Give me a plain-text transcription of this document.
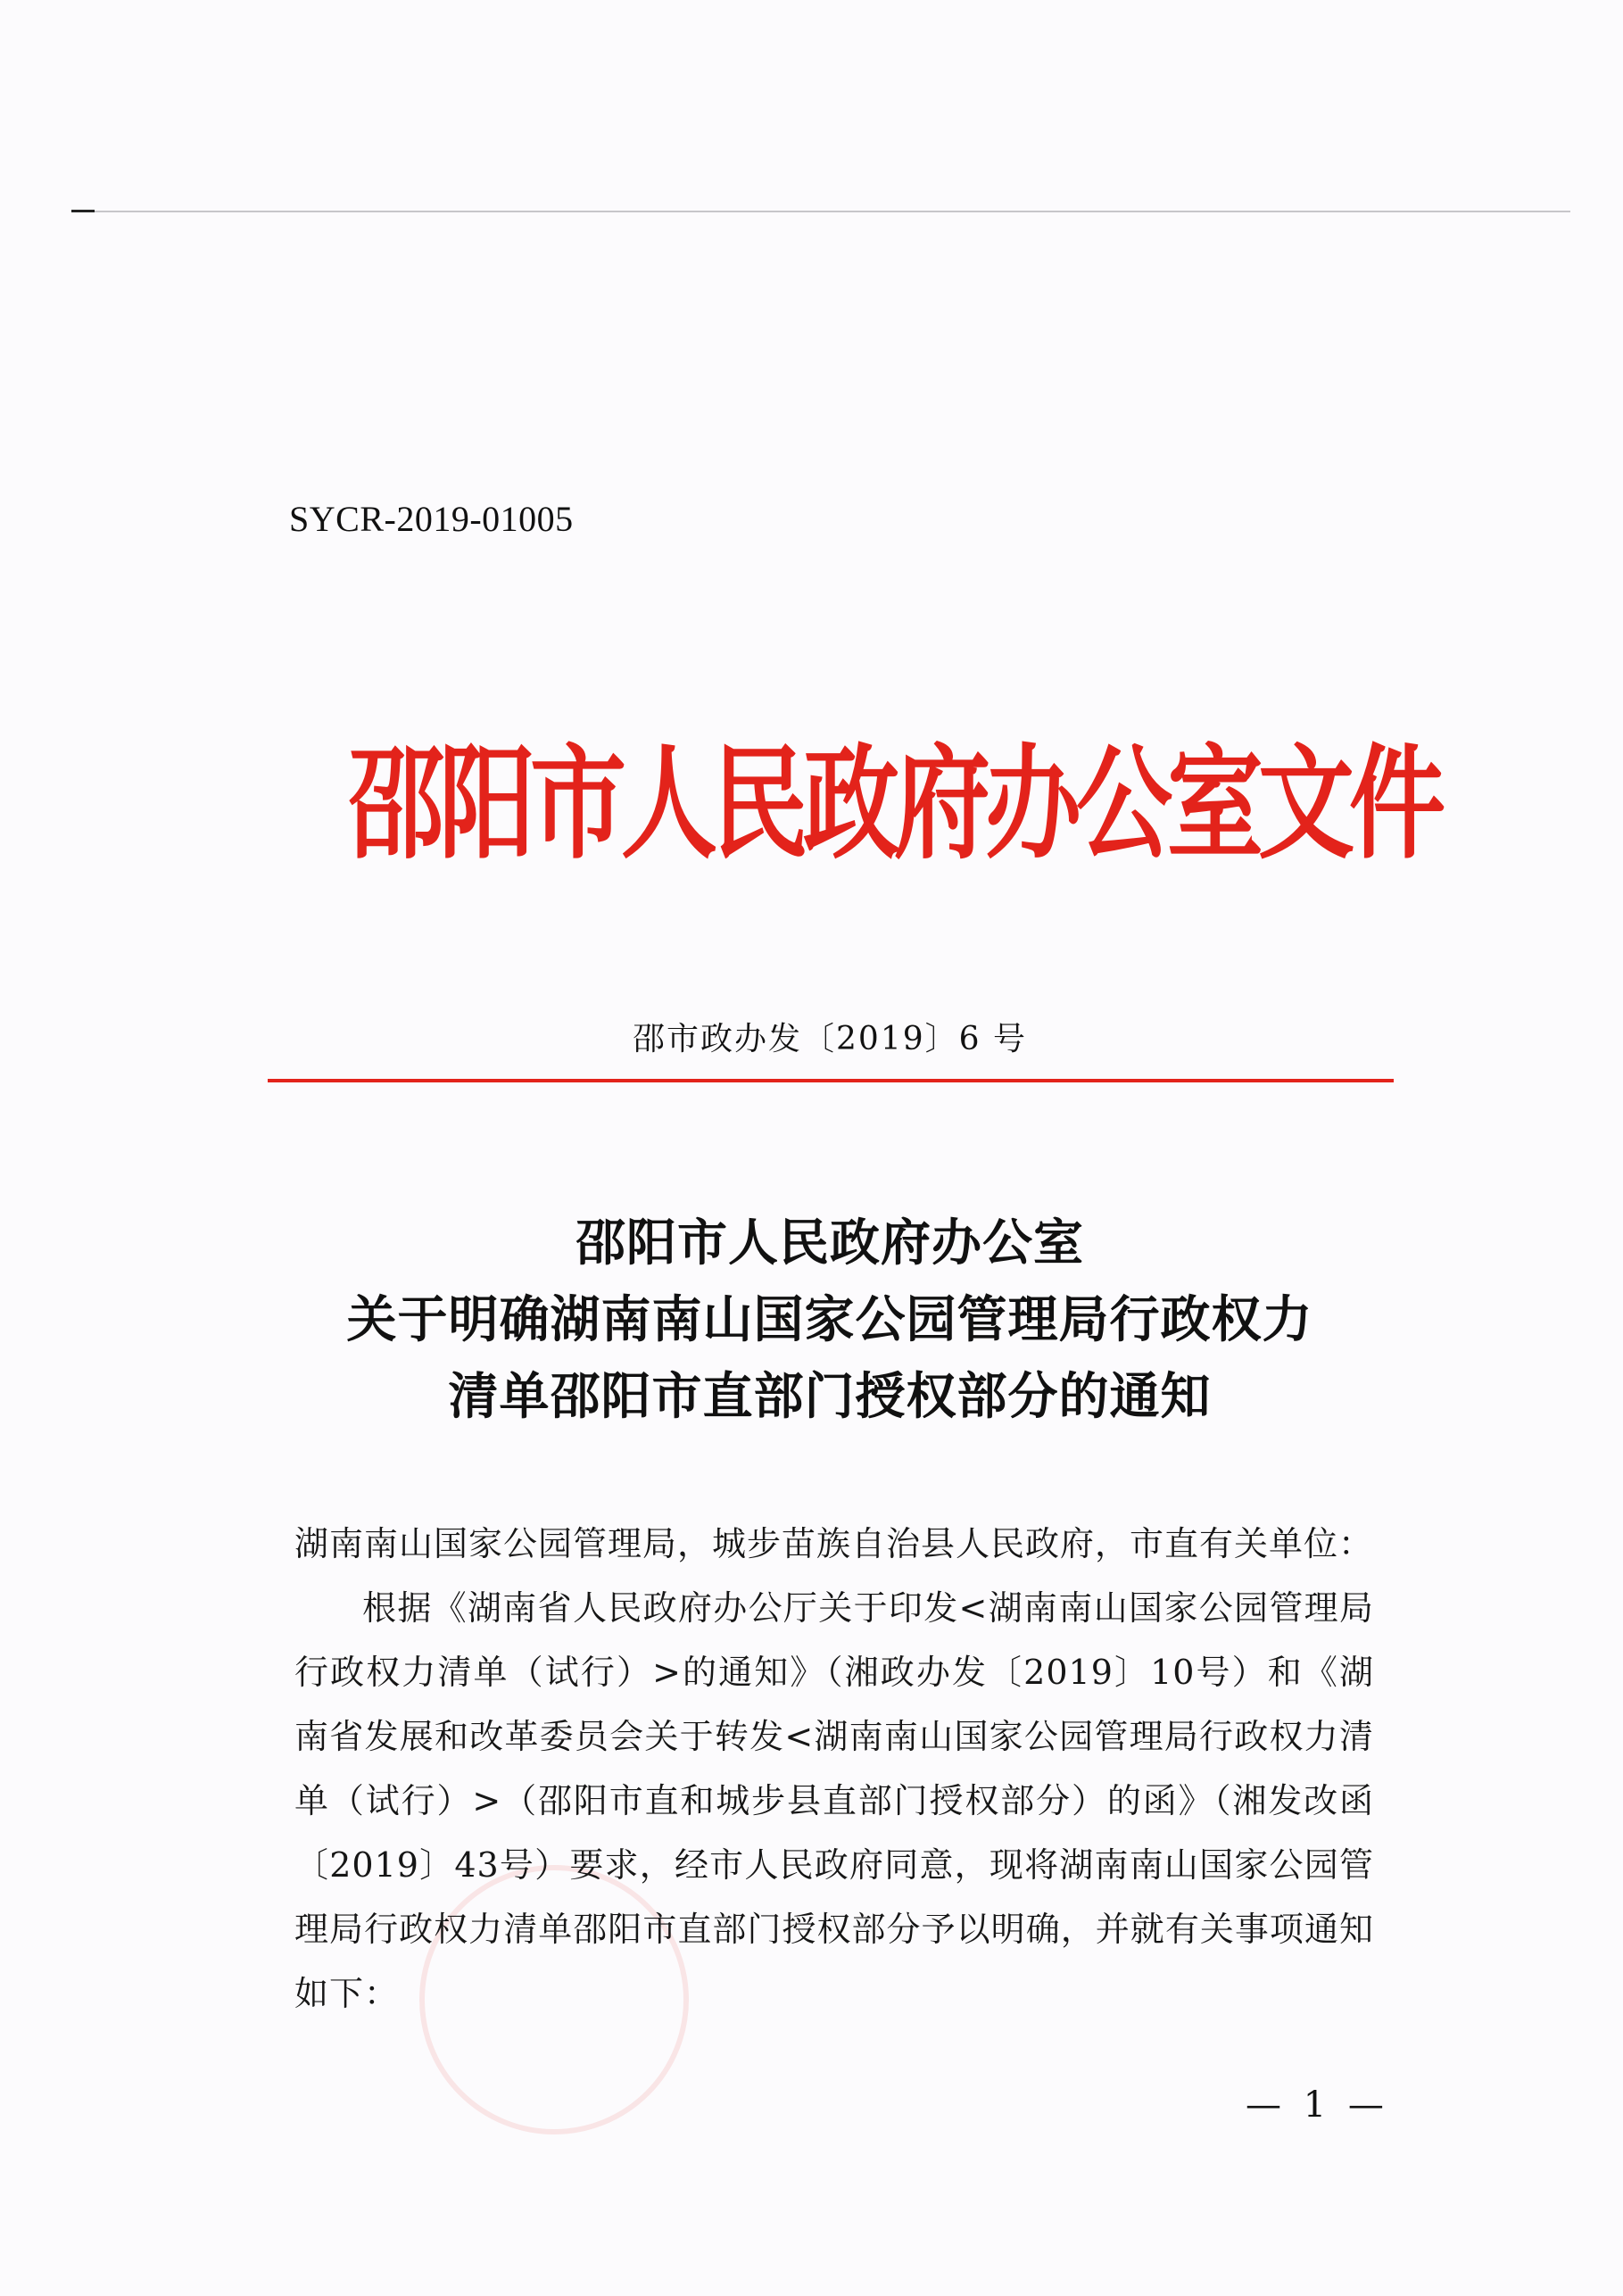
SYCR-2019-01005
邵阳市人民政府办公室文件
邵市政办发〔2019〕6 号
邵阳市人民政府办公室
关于明确湖南南山国家公园管理局行政权力
清单邵阳市直部门授权部分的通知
湖南南山国家公园管理局，城步苗族自治县人民政府，市直有关单位：
根据《湖南省人民政府办公厅关于印发<湖南南山国家公园管理局行政权力清单（试行）>的通知》（湘政办发〔2019〕10号）和《湖南省发展和改革委员会关于转发<湖南南山国家公园管理局行政权力清单（试行）>（邵阳市直和城步县直部门授权部分）的函》（湘发改函〔2019〕43号）要求，经市人民政府同意，现将湖南南山国家公园管理局行政权力清单邵阳市直部门授权部分予以明确，并就有关事项通知如下：
— 1 —
